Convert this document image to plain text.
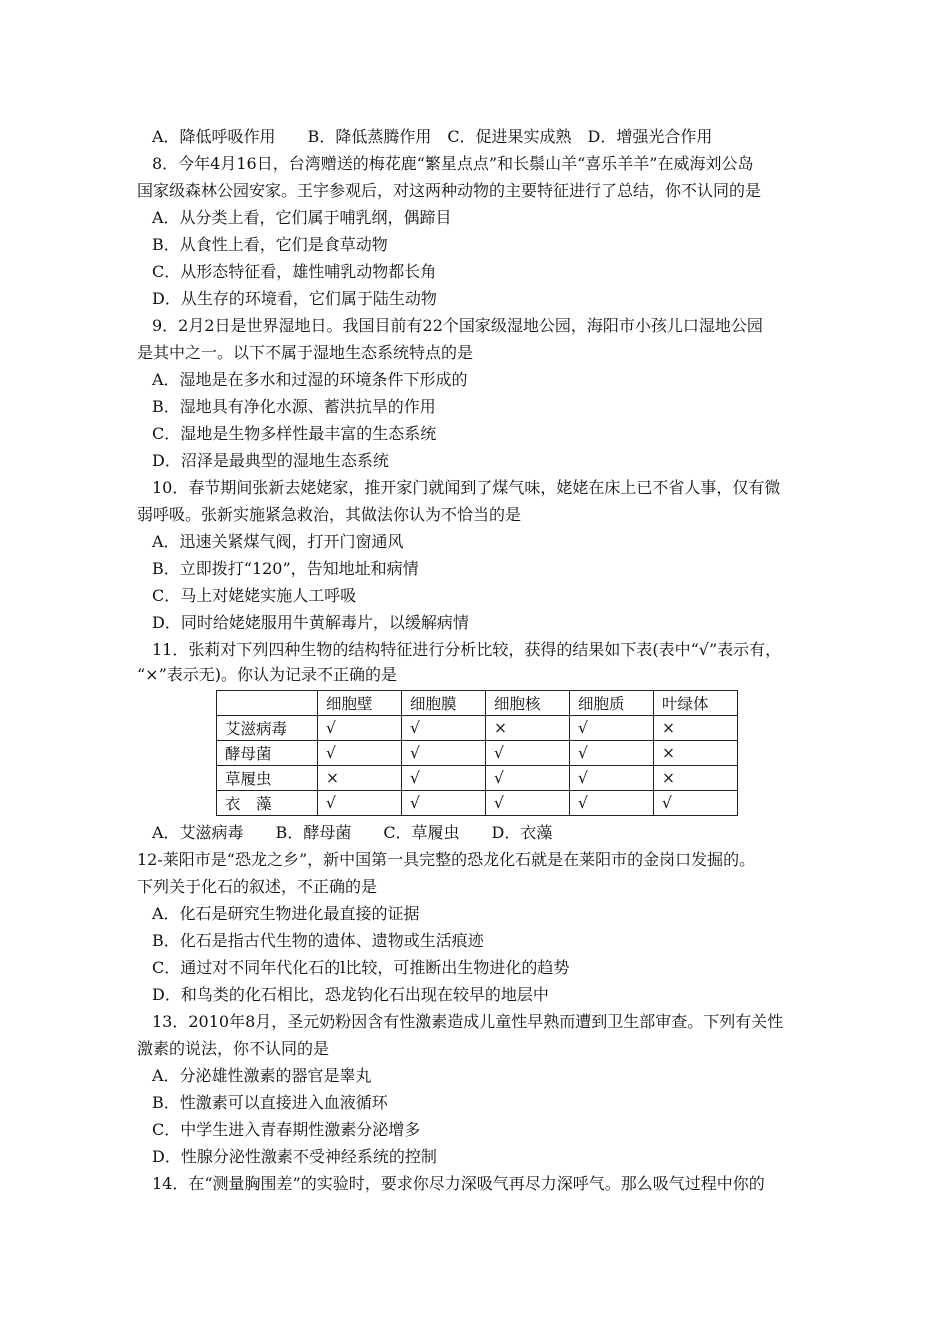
A．降低呼吸作用　　B．降低蒸腾作用　C．促进果实成熟　D．增强光合作用
8．今年4月16日，台湾赠送的梅花鹿“繁星点点”和长鬃山羊“喜乐羊羊”在威海刘公岛
国家级森林公园安家。王宇参观后，对这两种动物的主要特征进行了总结，你不认同的是
A．从分类上看，它们属于哺乳纲，偶蹄目
B．从食性上看，它们是食草动物
C．从形态特征看，雄性哺乳动物都长角
D．从生存的环境看，它们属于陆生动物
9．2月2日是世界湿地日。我国目前有22个国家级湿地公园，海阳市小孩儿口湿地公园
是其中之一。以下不属于湿地生态系统特点的是
A．湿地是在多水和过湿的环境条件下形成的
B．湿地具有净化水源、蓄洪抗旱的作用
C．湿地是生物多样性最丰富的生态系统
D．沼泽是最典型的湿地生态系统
10．春节期间张新去姥姥家，推开家门就闻到了煤气味，姥姥在床上已不省人事，仅有微
弱呼吸。张新实施紧急救治，其做法你认为不恰当的是
A．迅速关紧煤气阀，打开门窗通风
B．立即拨打“120”，告知地址和病情
C．马上对姥姥实施人工呼吸
D．同时给姥姥服用牛黄解毒片，以缓解病情
11．张莉对下列四种生物的结构特征进行分析比较，获得的结果如下表(表中“√”表示有，
“×”表示无)。你认为记录不正确的是
	细胞壁	细胞膜	细胞核	细胞质	叶绿体
艾滋病毒	√	√	×	√	×
酵母菌	√	√	√	√	×
草履虫	×	√	√	√	×
衣　藻	√	√	√	√	√
A．艾滋病毒　　B．酵母菌　　C．草履虫　　D．衣藻
12-莱阳市是“恐龙之乡”，新中国第一具完整的恐龙化石就是在莱阳市的金岗口发掘的。
下列关于化石的叙述，不正确的是
A．化石是研究生物进化最直接的证据
B．化石是指古代生物的遗体、遗物或生活痕迹
C．通过对不同年代化石的l比较，可推断出生物进化的趋势
D．和鸟类的化石相比，恐龙钧化石出现在较早的地层中
13．2010年8月，圣元奶粉因含有性激素造成儿童性早熟而遭到卫生部审查。下列有关性
激素的说法，你不认同的是
A．分泌雄性激素的器官是睾丸
B．性激素可以直接进入血液循环
C．中学生进入青春期性激素分泌增多
D．性腺分泌性激素不受神经系统的控制
14．在“测量胸围差”的实验时，要求你尽力深吸气再尽力深呼气。那么吸气过程中你的
